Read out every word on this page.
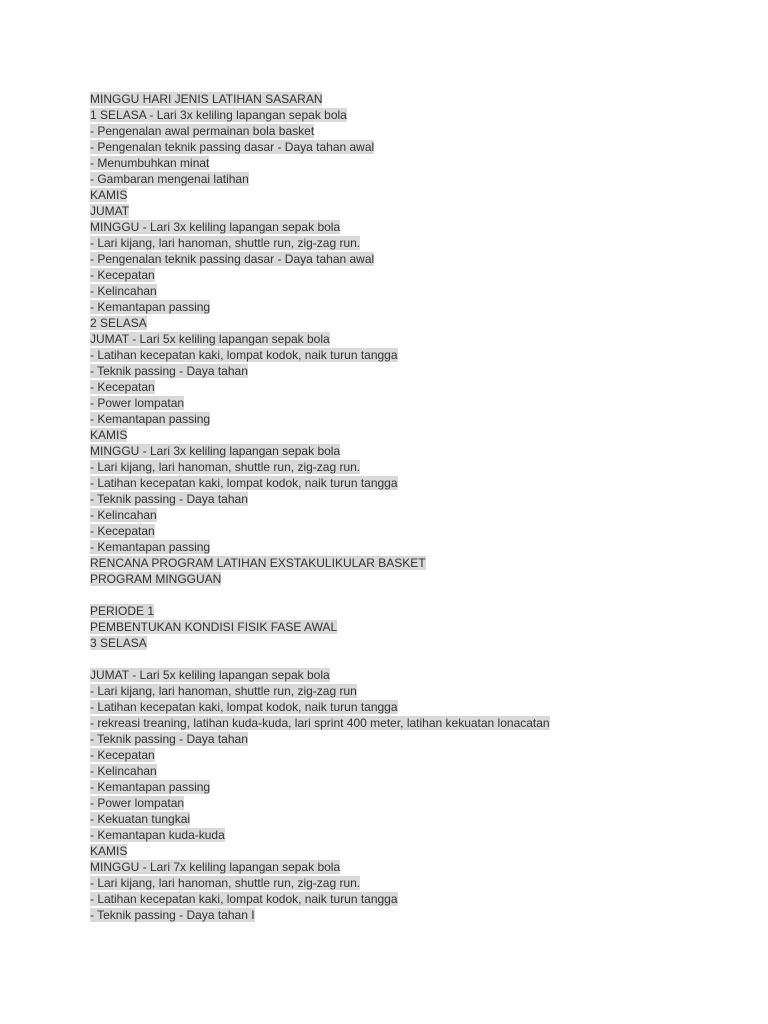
MINGGU HARI JENIS LATIHAN SASARAN
1 SELASA - Lari 3x keliling lapangan sepak bola
- Pengenalan awal permainan bola basket
- Pengenalan teknik passing dasar - Daya tahan awal
- Menumbuhkan minat
- Gambaran mengenai latihan
KAMIS
JUMAT
MINGGU - Lari 3x keliling lapangan sepak bola
- Lari kijang, lari hanoman, shuttle run, zig-zag run.
- Pengenalan teknik passing dasar - Daya tahan awal
- Kecepatan
- Kelincahan
- Kemantapan passing
2 SELASA
JUMAT - Lari 5x keliling lapangan sepak bola
- Latihan kecepatan kaki, lompat kodok, naik turun tangga
- Teknik passing - Daya tahan
- Kecepatan
- Power lompatan
- Kemantapan passing
KAMIS
MINGGU - Lari 3x keliling lapangan sepak bola
- Lari kijang, lari hanoman, shuttle run, zig-zag run.
- Latihan kecepatan kaki, lompat kodok, naik turun tangga
- Teknik passing - Daya tahan
- Kelincahan
- Kecepatan
- Kemantapan passing
RENCANA PROGRAM LATIHAN EXSTAKULIKULAR BASKET
PROGRAM MINGGUAN
PERIODE 1
PEMBENTUKAN KONDISI FISIK FASE AWAL
3 SELASA
JUMAT - Lari 5x keliling lapangan sepak bola
- Lari kijang, lari hanoman, shuttle run, zig-zag run
- Latihan kecepatan kaki, lompat kodok, naik turun tangga
- rekreasi treaning, latihan kuda-kuda, lari sprint 400 meter, latihan kekuatan lonacatan
- Teknik passing - Daya tahan
- Kecepatan
- Kelincahan
- Kemantapan passing
- Power lompatan
- Kekuatan tungkai
- Kemantapan kuda-kuda
KAMIS
MINGGU - Lari 7x keliling lapangan sepak bola
- Lari kijang, lari hanoman, shuttle run, zig-zag run.
- Latihan kecepatan kaki, lompat kodok, naik turun tangga
- Teknik passing - Daya tahan I
